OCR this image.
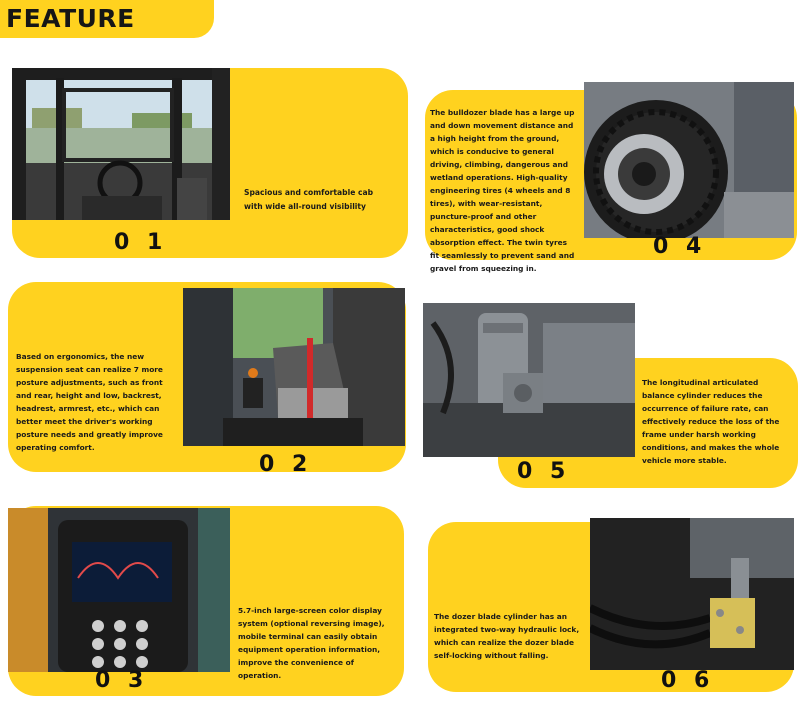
FEATURE
Spacious and comfortable cab with wide all-round visibility
0 1
The bulldozer blade has a large up and down movement distance and a high height from the ground, which is conducive to general driving, climbing, dangerous and wetland operations. High-quality engineering tires (4 wheels and 8 tires), with wear-resistant, puncture-proof and other characteristics, good shock absorption effect. The twin tyres fit seamlessly to prevent sand and gravel from squeezing in.
0 4
Based on ergonomics, the new suspension seat can realize 7 more posture adjustments, such as front and rear, height and low, backrest, headrest, armrest, etc., which can better meet the driver's working posture needs and greatly improve operating comfort.
0 2
The longitudinal articulated balance cylinder reduces the occurrence of failure rate, can effectively reduce the loss of the frame under harsh working conditions, and makes the whole vehicle more stable.
0 5
5.7-inch large-screen color display system (optional reversing image), mobile terminal can easily obtain equipment operation information, improve the convenience of operation.
0 3
The dozer blade cylinder has an integrated two-way hydraulic lock, which can realize the dozer blade self-locking without falling.
0 6
